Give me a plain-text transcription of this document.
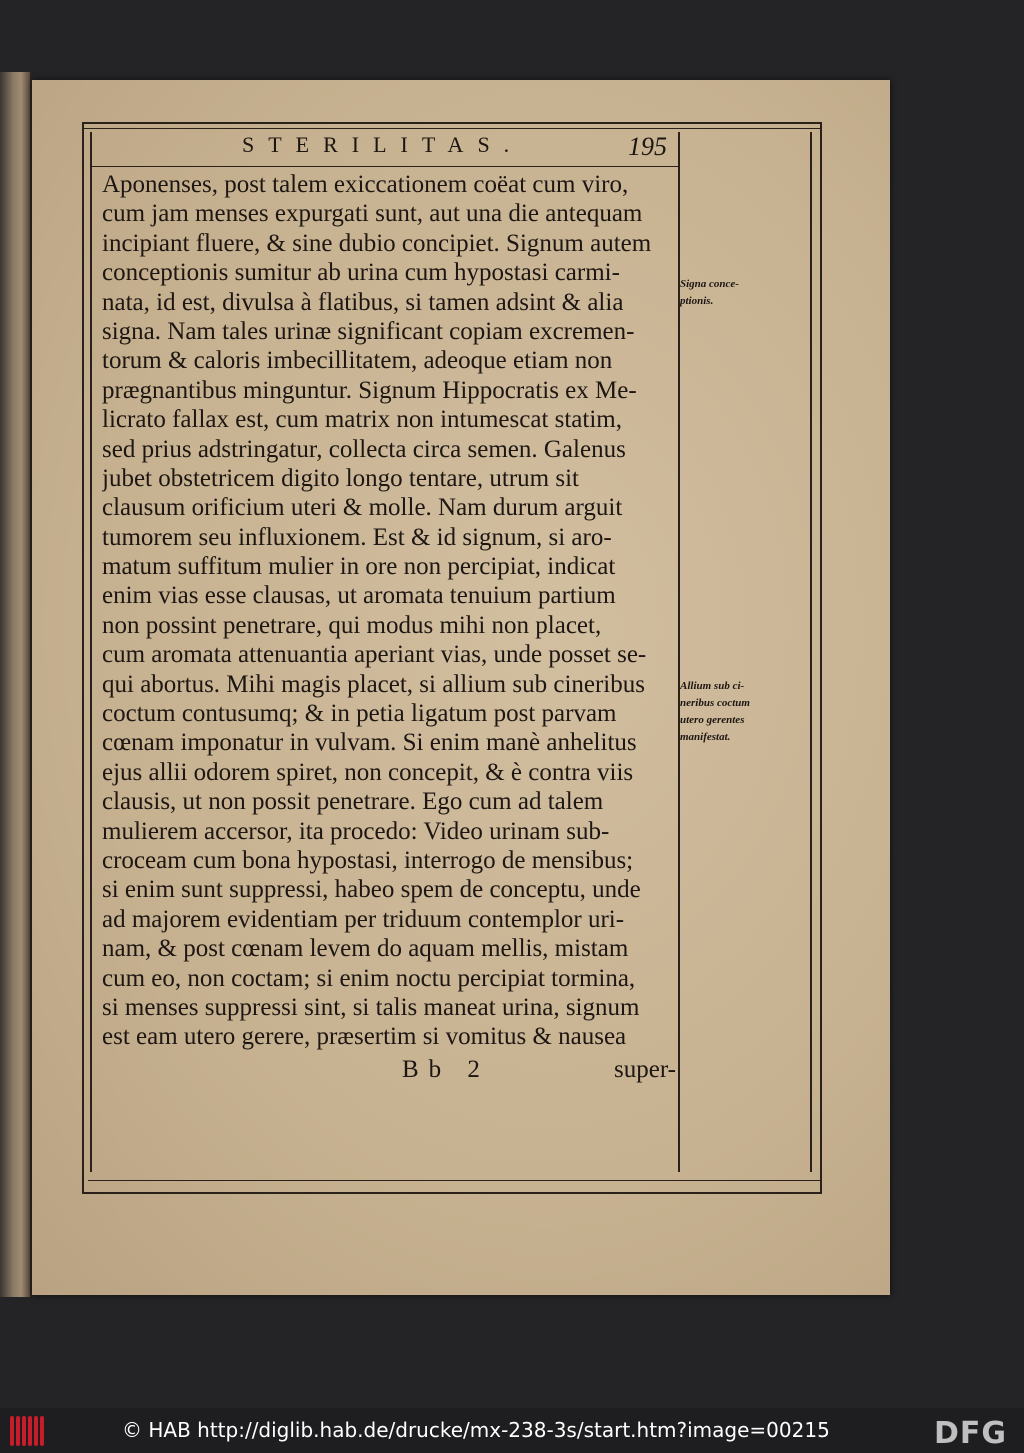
STERILITAS.	195
Aponenses, post talem exiccationem coëat cum viro,
cum jam menses expurgati sunt, aut una die antequam
incipiant fluere, & sine dubio concipiet. Signum autem
conceptionis sumitur ab urina cum hypostasi carmi-
nata, id est, divulsa à flatibus, si tamen adsint & alia
signa. Nam tales urinæ significant copiam excremen-
torum & caloris imbecillitatem, adeoque etiam non
prægnantibus minguntur. Signum Hippocratis ex Me-
licrato fallax est, cum matrix non intumescat statim,
sed prius adstringatur, collecta circa semen. Galenus
jubet obstetricem digito longo tentare, utrum sit
clausum orificium uteri & molle. Nam durum arguit
tumorem seu influxionem. Est & id signum, si aro-
matum suffitum mulier in ore non percipiat, indicat
enim vias esse clausas, ut aromata tenuium partium
non possint penetrare, qui modus mihi non placet,
cum aromata attenuantia aperiant vias, unde posset se-
qui abortus. Mihi magis placet, si allium sub cineribus
coctum contusumq; & in petia ligatum post parvam
cœnam imponatur in vulvam. Si enim manè anhelitus
ejus allii odorem spiret, non concepit, & è contra viis
clausis, ut non possit penetrare. Ego cum ad talem
mulierem accersor, ita procedo: Video urinam sub-
croceam cum bona hypostasi, interrogo de mensibus;
si enim sunt suppressi, habeo spem de conceptu, unde
ad majorem evidentiam per triduum contemplor uri-
nam, & post cœnam levem do aquam mellis, mistam
cum eo, non coctam; si enim noctu percipiat tormina,
si menses suppressi sint, si talis maneat urina, signum
est eam utero gerere, præsertim si vomitus & nausea
Signa conce-
ptionis.
Allium sub ci-
neribus coctum
utero gerentes
manifestat.
Bb 2	super-
© HAB http://diglib.hab.de/drucke/mx-238-3s/start.htm?image=00215	DFG
